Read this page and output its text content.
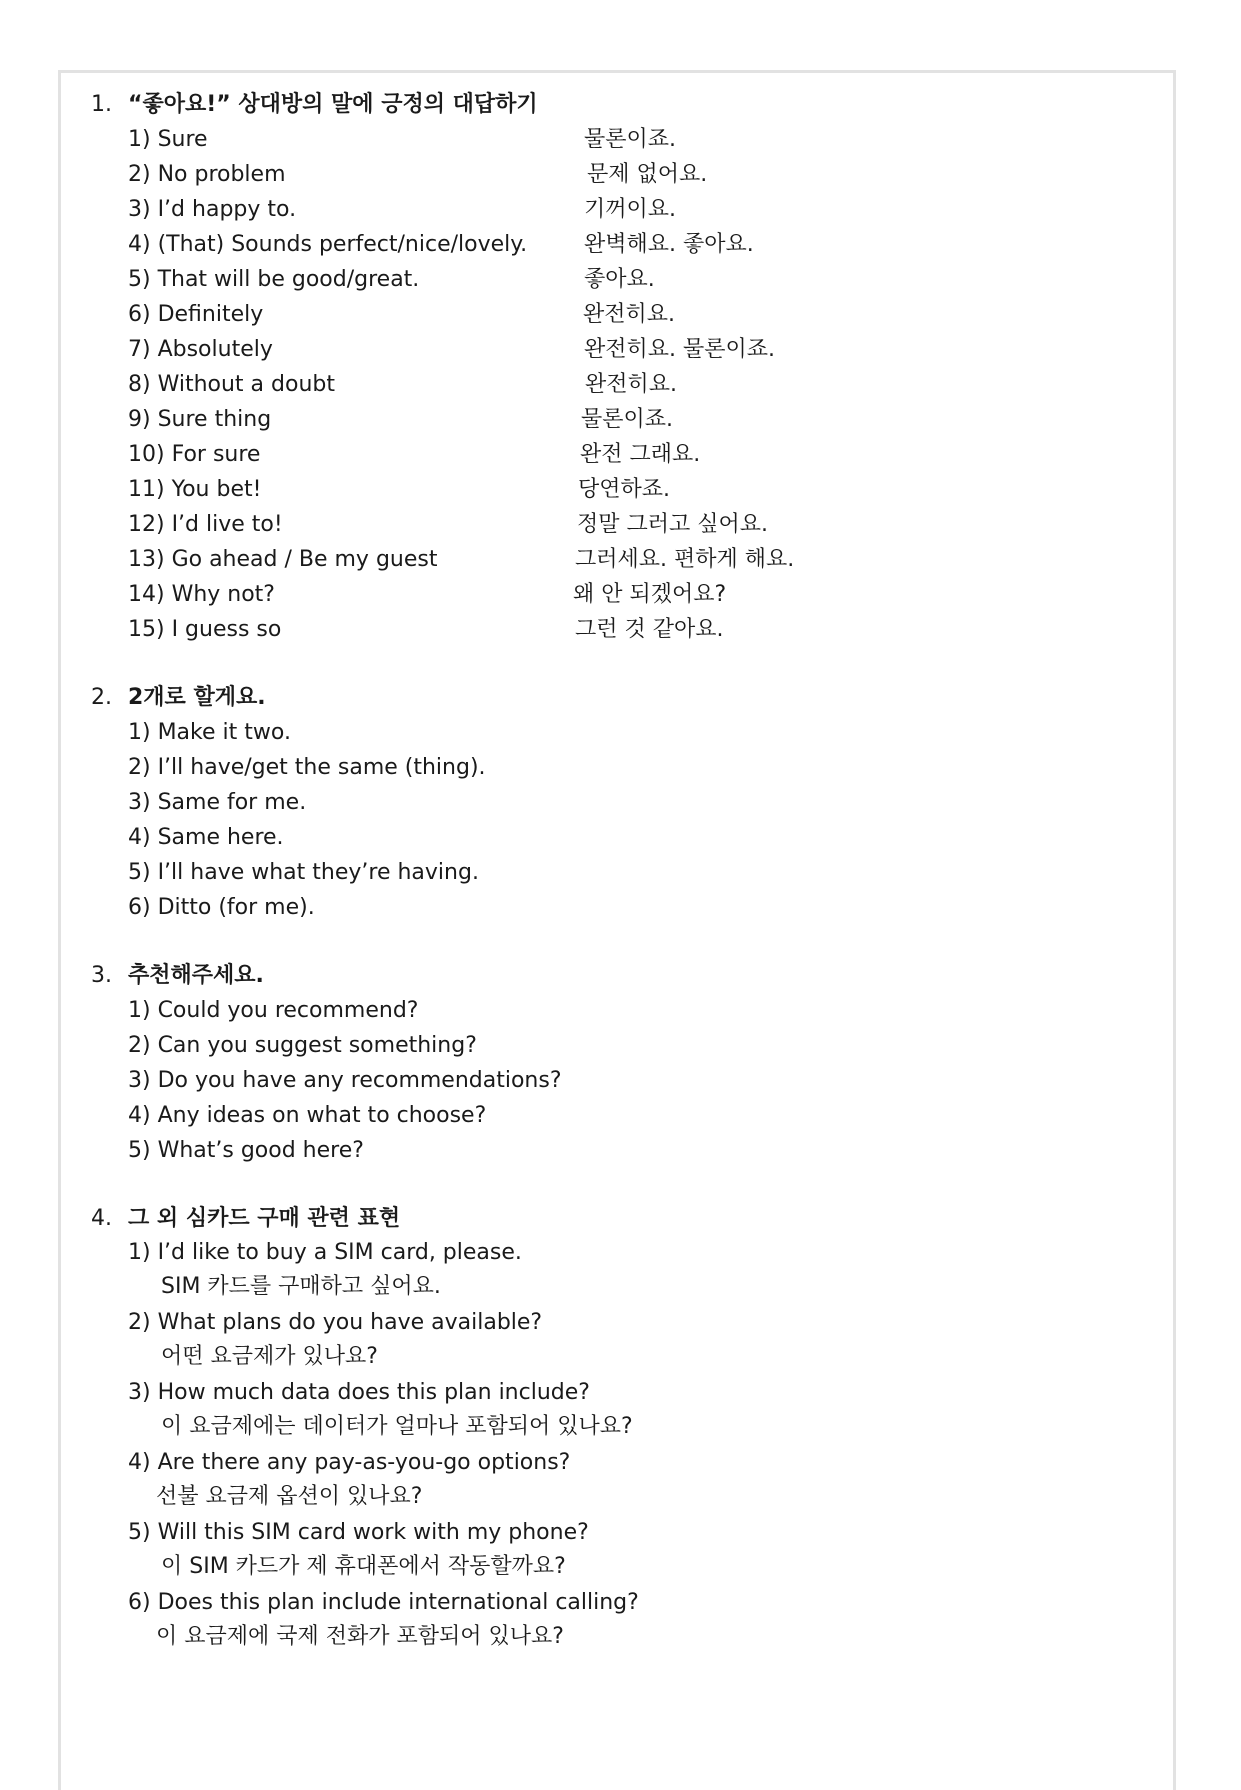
1. “좋아요!” 상대방의 말에 긍정의 대답하기
1) Sure	물론이죠.
2) No problem	문제 없어요.
3) I’d happy to.	기꺼이요.
4) (That) Sounds perfect/nice/lovely.	완벽해요. 좋아요.
5) That will be good/great.	좋아요.
6) Definitely	완전히요.
7) Absolutely	완전히요. 물론이죠.
8) Without a doubt	완전히요.
9) Sure thing	물론이죠.
10) For sure	완전 그래요.
11) You bet!	당연하죠.
12) I’d live to!	정말 그러고 싶어요.
13) Go ahead / Be my guest	그러세요. 편하게 해요.
14) Why not?	왜 안 되겠어요?
15) I guess so	그런 것 같아요.
2. 2개로 할게요.
1) Make it two.
2) I’ll have/get the same (thing).
3) Same for me.
4) Same here.
5) I’ll have what they’re having.
6) Ditto (for me).
3. 추천해주세요.
1) Could you recommend?
2) Can you suggest something?
3) Do you have any recommendations?
4) Any ideas on what to choose?
5) What’s good here?
4. 그 외 심카드 구매 관련 표현
1) I’d like to buy a SIM card, please.
SIM 카드를 구매하고 싶어요.
2) What plans do you have available?
어떤 요금제가 있나요?
3) How much data does this plan include?
이 요금제에는 데이터가 얼마나 포함되어 있나요?
4) Are there any pay-as-you-go options?
선불 요금제 옵션이 있나요?
5) Will this SIM card work with my phone?
이 SIM 카드가 제 휴대폰에서 작동할까요?
6) Does this plan include international calling?
이 요금제에 국제 전화가 포함되어 있나요?
